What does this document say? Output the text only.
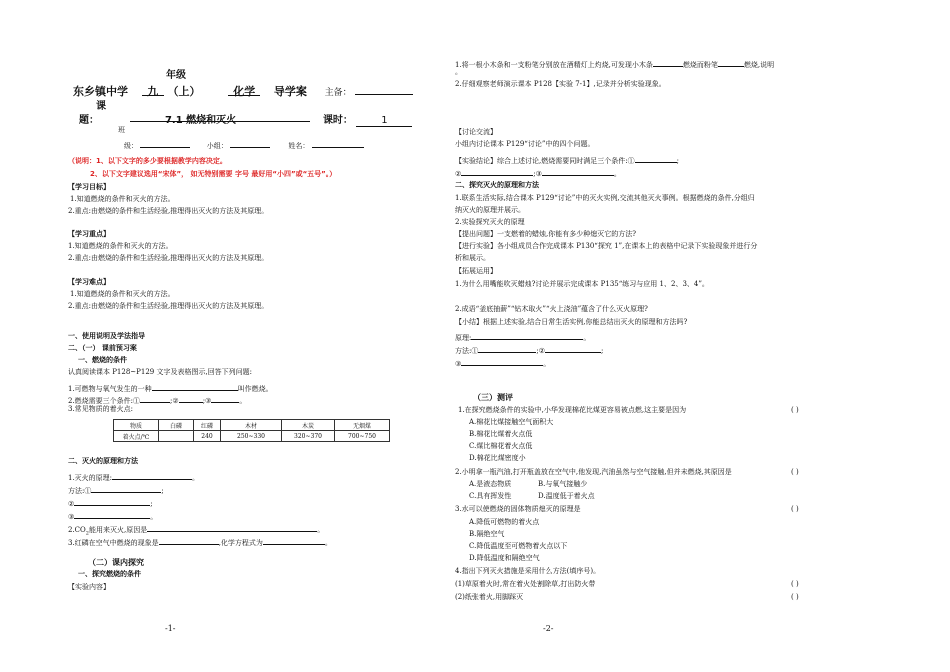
年级
东乡镇中学 九 （上）	化学 导学案 主备：
课
题：	7.1 燃烧和灭火	课时：	1
班
级：	小组：	姓名：
（说明：1、以下文字的多少要根据教学内容决定。
2、以下文字建议选用“宋体”， 如无特别需要 字号 最好用“小四”或“五号”。）
【学习目标】
1.知道燃烧的条件和灭火的方法。
2.重点:由燃烧的条件和生活经验,推理得出灭火的方法及其原理。
【学习重点】
1.知道燃烧的条件和灭火的方法。
2.重点:由燃烧的条件和生活经验,推理得出灭火的方法及其原理。
【学习难点】
1.知道燃烧的条件和灭火的方法。
2.重点:由燃烧的条件和生活经验,推理得出灭火的方法及其原理。
一、使用说明及学法指导
二、（一） 课前预习案
一、燃烧的条件
认真阅读课本 P128~P129 文字及表格图示,回答下列问题:
1.可燃物与氧气发生的一种	叫作燃烧。
2.燃烧需要三个条件:①	;②	;③	。
3.常见物质的着火点:
物质	白磷	红磷	木材	木炭	无烟煤
着火点/℃		240	250~330	320~370	700~750
二、灭火的原理和方法
1.灭火的原理:	。
方法:①	;
②	;
③	。
$2.CO_2$能用来灭火,原因是	。
3.红磷在空气中燃烧的现象是	,化学方程式为	。
（二）课内探究
一、探究燃烧的条件
【实验内容】
-1-
1.将一根小木条和一支粉笔分别放在酒精灯上灼烧,可发现小木条	燃烧而粉笔	燃烧,说明
。
2.仔细观察老师演示课本 P128【实验 7-1】,记录并分析实验现象。
【讨论交流】
小组内讨论课本 P129“讨论”中的四个问题。
【实验结论】综合上述讨论,燃烧需要同时满足三个条件:①	;
②	;③	。
二、探究灭火的原理和方法
1.联系生活实际,结合课本 P129“讨论”中的灭火实例,交流其他灭火事例。根据燃烧的条件,分组归
纳灭火的原理并展示。
2.实验探究灭火的原理
【提出问题】一支燃着的蜡烛,你能有多少种熄灭它的方法?
【进行实验】各小组成员合作完成课本 P130“探究 1”,在课本上的表格中记录下实验现象并进行分
析和展示。
【拓展运用】
1.为什么用嘴能吹灭蜡烛?讨论并展示完成课本 P135“练习与应用 1、2、3、4”。
2.成语“釜底抽薪”“钻木取火”“火上浇油”蕴含了什么灭火原理?
【小结】根据上述实验,结合日常生活实例,你能总结出灭火的原理和方法吗?
原理:	。
方法:①	;②	;
③	。
（三）测评
1.在探究燃烧条件的实验中,小华发现棉花比煤更容易被点燃,这主要是因为	( )
A.棉花比煤接触空气面积大
B.棉花比煤着火点低
C.煤比棉花着火点低
D.棉花比煤密度小
2.小明拿一瓶汽油,打开瓶盖放在空气中,他发现,汽油虽然与空气接触,但并未燃烧,其原因是	( )
A.是液态物质	B.与氧气接触少
C.具有挥发性	D.温度低于着火点
3.水可以使燃烧的固体物质熄灭的原理是	( )
A.降低可燃物的着火点
B.隔绝空气
C.降低温度至可燃物着火点以下
D.降低温度和隔绝空气
4.指出下列灭火措施是采用什么方法(填序号)。
(1)草原着火时,常在着火处割除草,打出防火带	( )
(2)纸张着火,用脚踩灭	( )
-2-
